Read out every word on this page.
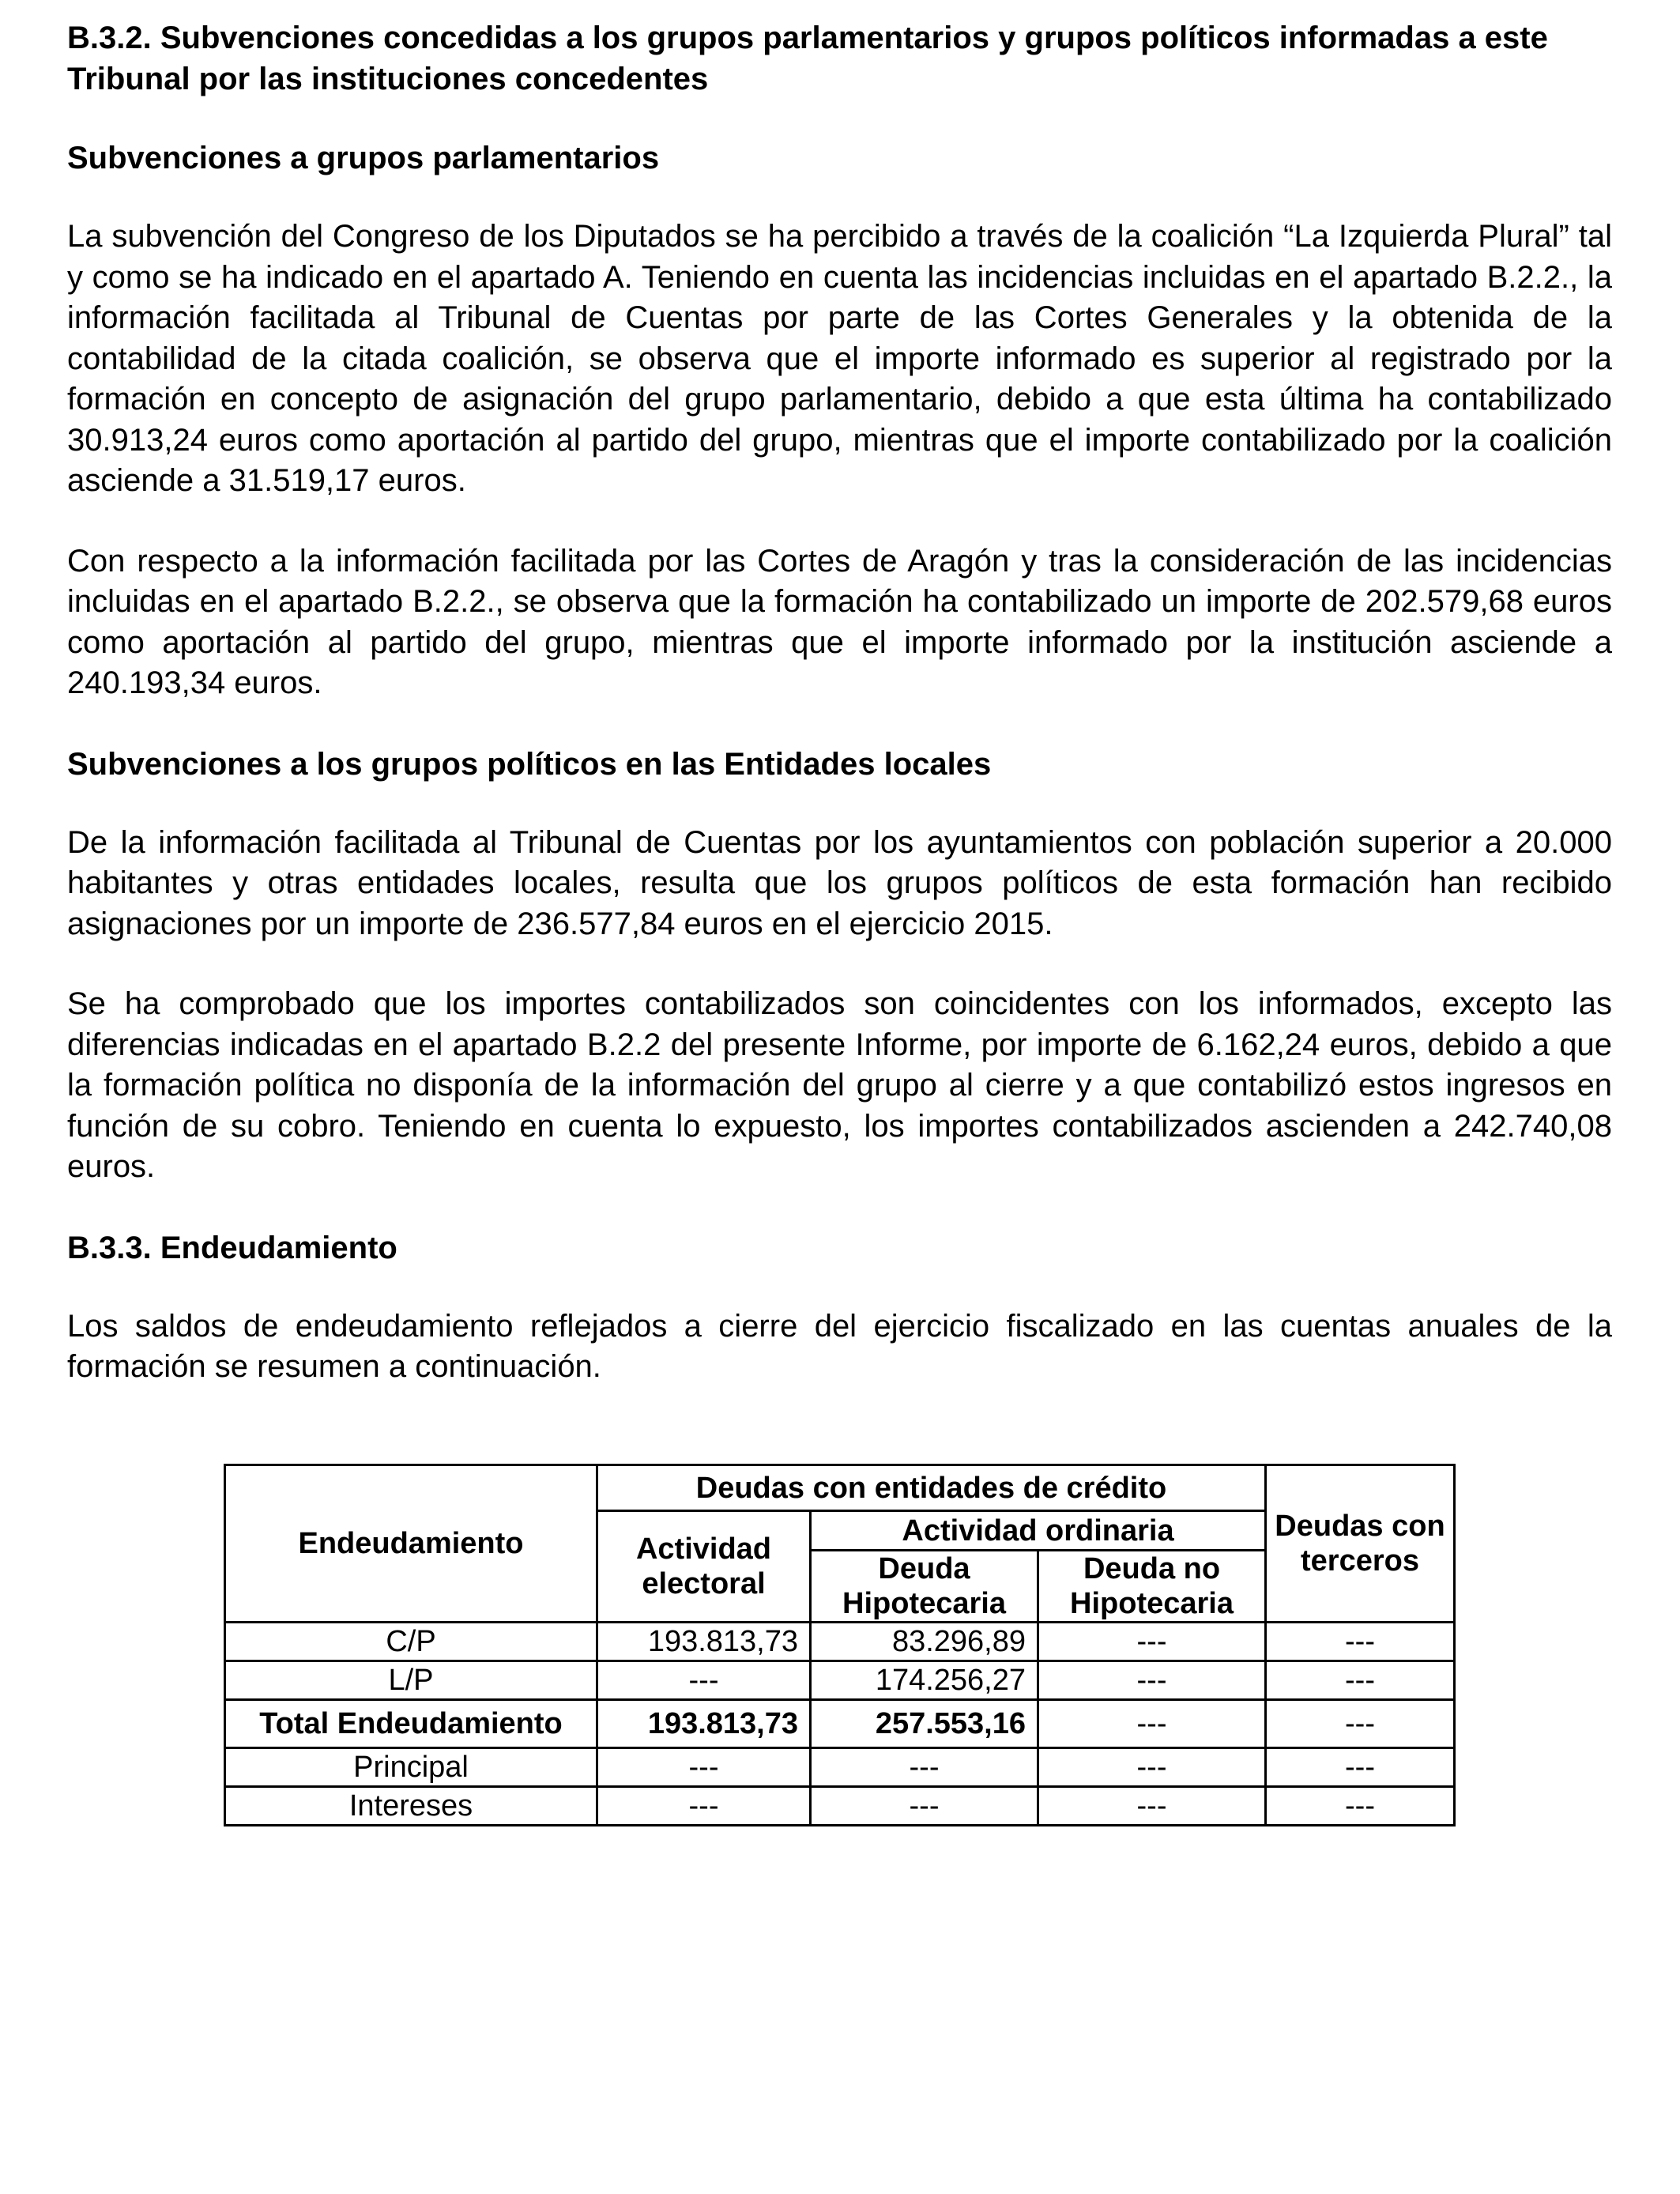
B.3.2. Subvenciones concedidas a los grupos parlamentarios y grupos políticos informadas a este Tribunal por las instituciones concedentes
Subvenciones a grupos parlamentarios

La subvención del Congreso de los Diputados se ha percibido a través de la coalición “La Izquierda Plural” tal y como se ha indicado en el apartado A. Teniendo en cuenta las incidencias incluidas en el apartado B.2.2., la información facilitada al Tribunal de Cuentas por parte de las Cortes Generales y la obtenida de la contabilidad de la citada coalición, se observa que el importe informado es superior al registrado por la formación en concepto de asignación del grupo parlamentario, debido a que esta última ha contabilizado 30.913,24 euros como aportación al partido del grupo, mientras que el importe contabilizado por la coalición asciende a 31.519,17 euros.

Con respecto a la información facilitada por las Cortes de Aragón y tras la consideración de las incidencias incluidas en el apartado B.2.2., se observa que la formación ha contabilizado un importe de 202.579,68 euros como aportación al partido del grupo, mientras que el importe informado por la institución asciende a 240.193,34 euros.

Subvenciones a los grupos políticos en las Entidades locales

De la información facilitada al Tribunal de Cuentas por los ayuntamientos con población superior a 20.000 habitantes y otras entidades locales, resulta que los grupos políticos de esta formación han recibido asignaciones por un importe de 236.577,84 euros en el ejercicio 2015.

Se ha comprobado que los importes contabilizados son coincidentes con los informados, excepto las diferencias indicadas en el apartado B.2.2 del presente Informe, por importe de 6.162,24 euros, debido a que la formación política no disponía de la información del grupo al cierre y a que contabilizó estos ingresos en función de su cobro. Teniendo en cuenta lo expuesto, los importes contabilizados ascienden a 242.740,08 euros.

B.3.3. Endeudamiento

Los saldos de endeudamiento reflejados a cierre del ejercicio fiscalizado en las cuentas anuales de la formación se resumen a continuación.

Endeudamiento	Deudas con entidades de crédito			Deudas con terceros
	Actividad electoral	Actividad ordinaria		
		Deuda Hipotecaria	Deuda no Hipotecaria	
C/P	193.813,73	83.296,89	---	---
L/P	---	174.256,27	---	---
Total Endeudamiento	193.813,73	257.553,16	---	---
Principal	---	---	---	---
Intereses	---	---	---	---
